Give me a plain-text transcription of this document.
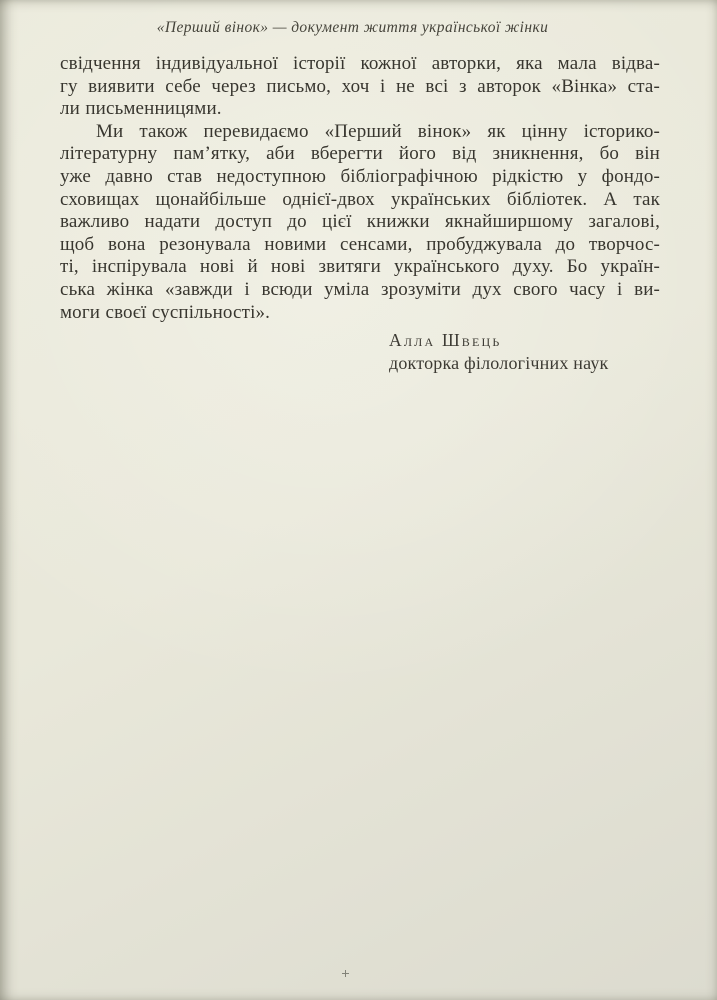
«Перший вінок» — документ життя української жінки
свідчення індивідуальної історії кожної авторки, яка мала відва-
гу виявити себе через письмо, хоч і не всі з авторок «Вінка» ста-
ли письменницями.
Ми також перевидаємо «Перший вінок» як цінну історико-
літературну пам’ятку, аби вберегти його від зникнення, бо він
уже давно став недоступною бібліографічною рідкістю у фондо-
сховищах щонайбільше однієї-двох українських бібліотек. А так
важливо надати доступ до цієї книжки якнайширшому загалові,
щоб вона резонувала новими сенсами, пробуджувала до творчос-
ті, інспірувала нові й нові звитяги українського духу. Бо україн-
ська жінка «завжди і всюди уміла зрозуміти дух свого часу і ви-
моги своєї суспільності».
Алла Швець
докторка філологічних наук
